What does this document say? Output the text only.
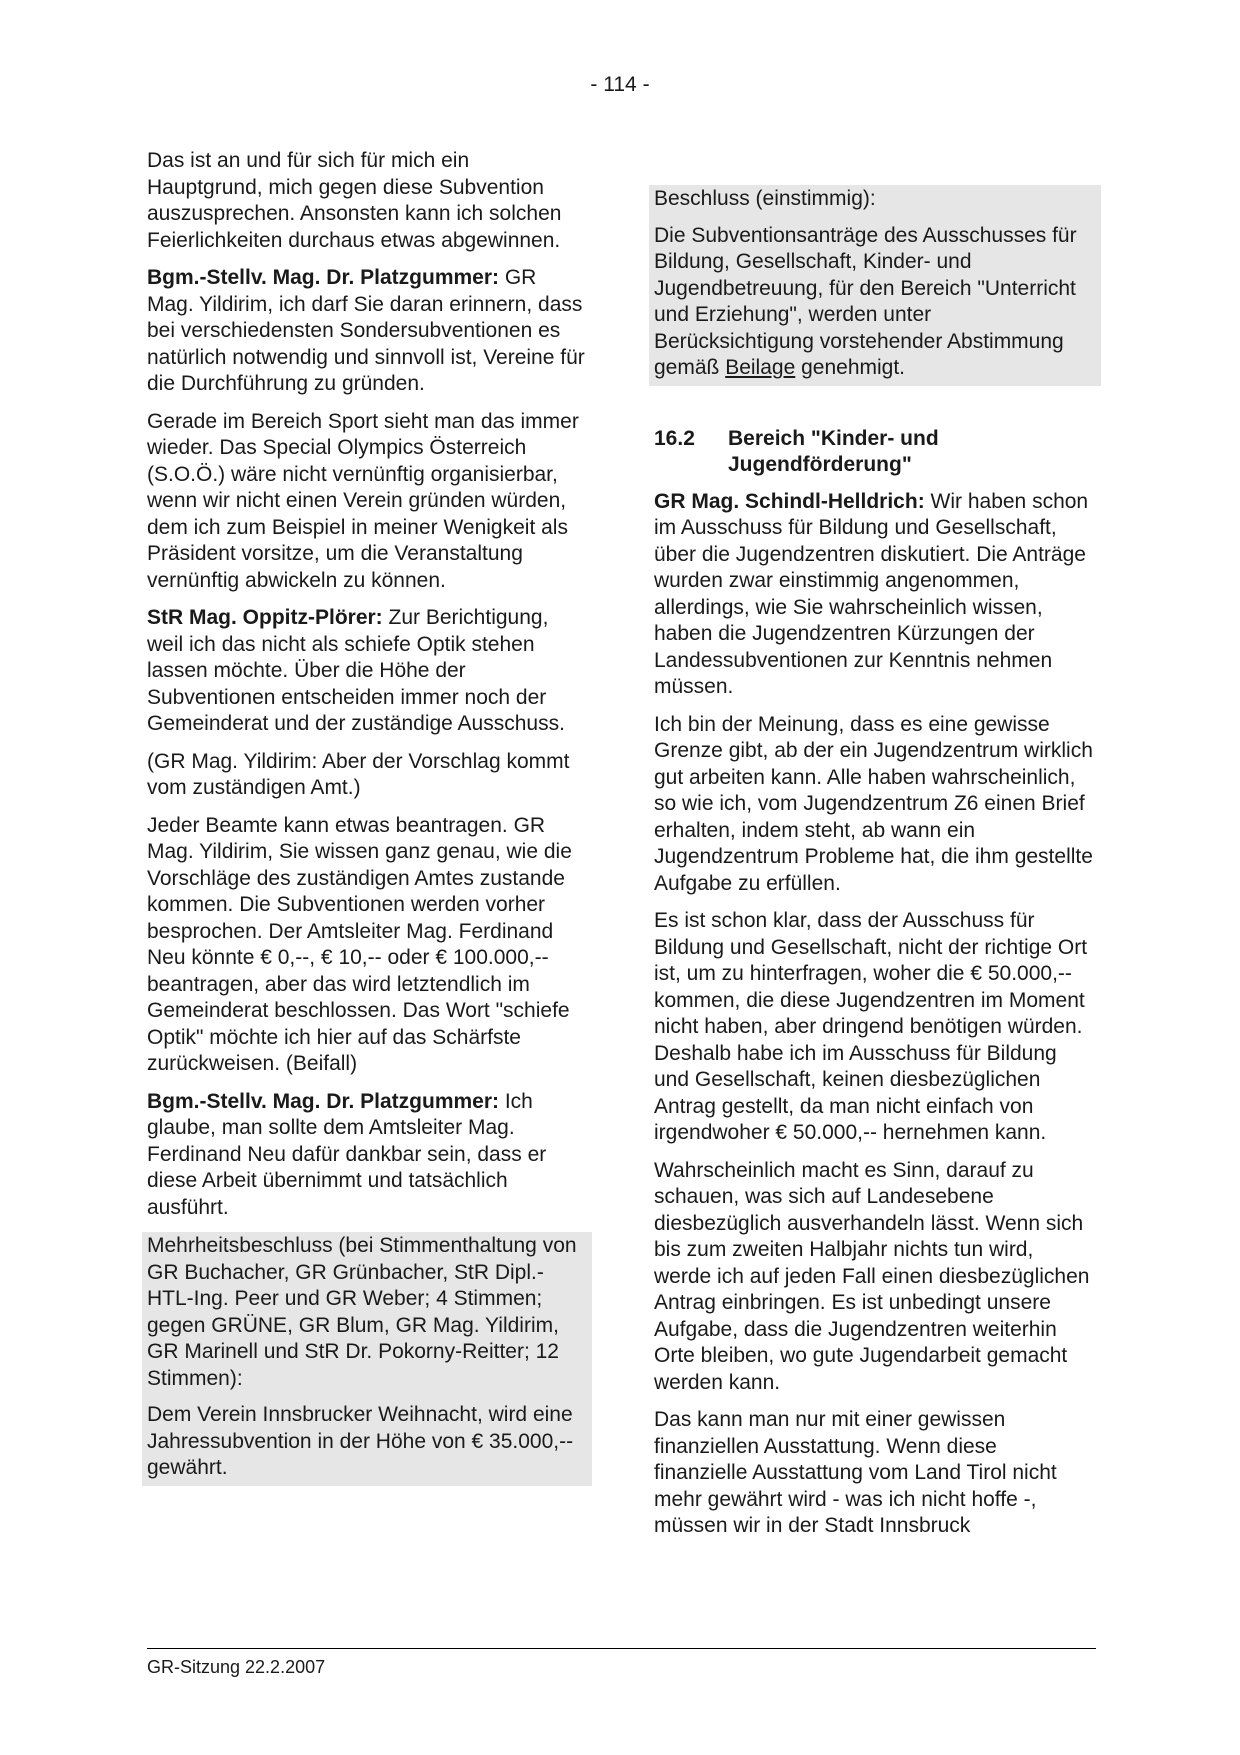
- 114 -

Das ist an und für sich für mich ein Hauptgrund, mich gegen diese Subvention auszusprechen. Ansonsten kann ich solchen Feierlichkeiten durchaus etwas abgewinnen.

Bgm.-Stellv. Mag. Dr. Platzgummer: GR Mag. Yildirim, ich darf Sie daran erinnern, dass bei verschiedensten Sondersubventionen es natürlich notwendig und sinnvoll ist, Vereine für die Durchführung zu gründen.

Gerade im Bereich Sport sieht man das immer wieder. Das Special Olympics Österreich (S.O.Ö.) wäre nicht vernünftig organisierbar, wenn wir nicht einen Verein gründen würden, dem ich zum Beispiel in meiner Wenigkeit als Präsident vorsitze, um die Veranstaltung vernünftig abwickeln zu können.

StR Mag. Oppitz-Plörer: Zur Berichtigung, weil ich das nicht als schiefe Optik stehen lassen möchte. Über die Höhe der Subventionen entscheiden immer noch der Gemeinderat und der zuständige Ausschuss.

(GR Mag. Yildirim: Aber der Vorschlag kommt vom zuständigen Amt.)

Jeder Beamte kann etwas beantragen. GR Mag. Yildirim, Sie wissen ganz genau, wie die Vorschläge des zuständigen Amtes zustande kommen. Die Subventionen werden vorher besprochen. Der Amtsleiter Mag. Ferdinand Neu könnte € 0,--, € 10,-- oder € 100.000,-- beantragen, aber das wird letztendlich im Gemeinderat beschlossen. Das Wort "schiefe Optik" möchte ich hier auf das Schärfste zurückweisen. (Beifall)

Bgm.-Stellv. Mag. Dr. Platzgummer: Ich glaube, man sollte dem Amtsleiter Mag. Ferdinand Neu dafür dankbar sein, dass er diese Arbeit übernimmt und tatsächlich ausführt.

Mehrheitsbeschluss (bei Stimmenthaltung von GR Buchacher, GR Grünbacher, StR Dipl.-HTL-Ing. Peer und GR Weber; 4 Stimmen; gegen GRÜNE, GR Blum, GR Mag. Yildirim, GR Marinell und StR Dr. Pokorny-Reitter; 12 Stimmen):

Dem Verein Innsbrucker Weihnacht, wird eine Jahressubvention in der Höhe von € 35.000,-- gewährt.

Beschluss (einstimmig):

Die Subventionsanträge des Ausschusses für Bildung, Gesellschaft, Kinder- und Jugendbetreuung, für den Bereich "Unterricht und Erziehung", werden unter Berücksichtigung vorstehender Abstimmung gemäß Beilage genehmigt.

16.2	Bereich "Kinder- und Jugendförderung"

GR Mag. Schindl-Helldrich: Wir haben schon im Ausschuss für Bildung und Gesellschaft, über die Jugendzentren diskutiert. Die Anträge wurden zwar einstimmig angenommen, allerdings, wie Sie wahrscheinlich wissen, haben die Jugendzentren Kürzungen der Landessubventionen zur Kenntnis nehmen müssen.

Ich bin der Meinung, dass es eine gewisse Grenze gibt, ab der ein Jugendzentrum wirklich gut arbeiten kann. Alle haben wahrscheinlich, so wie ich, vom Jugendzentrum Z6 einen Brief erhalten, indem steht, ab wann ein Jugendzentrum Probleme hat, die ihm gestellte Aufgabe zu erfüllen.

Es ist schon klar, dass der Ausschuss für Bildung und Gesellschaft, nicht der richtige Ort ist, um zu hinterfragen, woher die € 50.000,-- kommen, die diese Jugendzentren im Moment nicht haben, aber dringend benötigen würden. Deshalb habe ich im Ausschuss für Bildung und Gesellschaft, keinen diesbezüglichen Antrag gestellt, da man nicht einfach von irgendwoher € 50.000,-- hernehmen kann.

Wahrscheinlich macht es Sinn, darauf zu schauen, was sich auf Landesebene diesbezüglich ausverhandeln lässt. Wenn sich bis zum zweiten Halbjahr nichts tun wird, werde ich auf jeden Fall einen diesbezüglichen Antrag einbringen. Es ist unbedingt unsere Aufgabe, dass die Jugendzentren weiterhin Orte bleiben, wo gute Jugendarbeit gemacht werden kann.

Das kann man nur mit einer gewissen finanziellen Ausstattung. Wenn diese finanzielle Ausstattung vom Land Tirol nicht mehr gewährt wird - was ich nicht hoffe -, müssen wir in der Stadt Innsbruck

GR-Sitzung 22.2.2007
